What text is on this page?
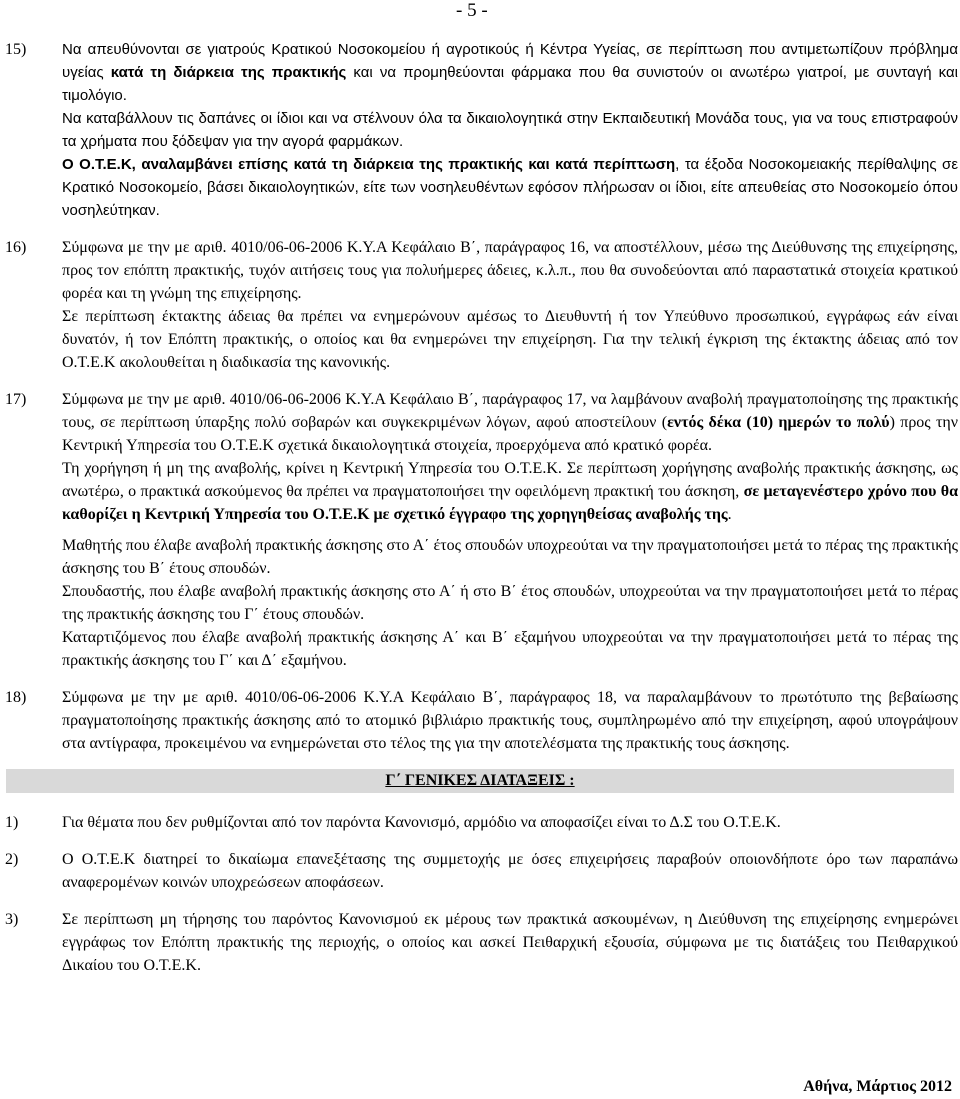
- 5 -
15)	Να απευθύνονται σε γιατρούς Κρατικού Νοσοκομείου ή αγροτικούς ή Κέντρα Υγείας, σε περίπτωση που αντιμετωπίζουν πρόβλημα υγείας κατά τη διάρκεια της πρακτικής και να προμηθεύονται φάρμακα που θα συνιστούν οι ανωτέρω γιατροί, με συνταγή και τιμολόγιο.

Να καταβάλλουν τις δαπάνες οι ίδιοι και να στέλνουν όλα τα δικαιολογητικά στην Εκπαιδευτική Μονάδα τους, για να τους επιστραφούν τα χρήματα που ξόδεψαν για την αγορά φαρμάκων.

Ο Ο.Τ.Ε.Κ, αναλαμβάνει επίσης κατά τη διάρκεια της πρακτικής και κατά περίπτωση, τα έξοδα Νοσοκομειακής περίθαλψης σε Κρατικό Νοσοκομείο, βάσει δικαιολογητικών, είτε των νοσηλευθέντων εφόσον πλήρωσαν οι ίδιοι, είτε απευθείας στο Νοσοκομείο όπου νοσηλεύτηκαν.

16)	Σύμφωνα με την με αριθ. 4010/06-06-2006 Κ.Υ.Α Κεφάλαιο Β΄, παράγραφος 16, να αποστέλλουν, μέσω της Διεύθυνσης της επιχείρησης, προς τον επόπτη πρακτικής, τυχόν αιτήσεις τους για πολυήμερες άδειες, κ.λ.π., που θα συνοδεύονται από παραστατικά στοιχεία κρατικού φορέα και τη γνώμη της επιχείρησης.

Σε περίπτωση έκτακτης άδειας θα πρέπει να ενημερώνουν αμέσως το Διευθυντή ή τον Υπεύθυνο προσωπικού, εγγράφως εάν είναι δυνατόν, ή τον Επόπτη πρακτικής, ο οποίος και θα ενημερώνει την επιχείρηση. Για την τελική έγκριση της έκτακτης άδειας από τον Ο.Τ.Ε.Κ ακολουθείται η διαδικασία της κανονικής.

17)	Σύμφωνα με την με αριθ. 4010/06-06-2006 Κ.Υ.Α Κεφάλαιο Β΄, παράγραφος 17, να λαμβάνουν αναβολή πραγματοποίησης της πρακτικής τους, σε περίπτωση ύπαρξης πολύ σοβαρών και συγκεκριμένων λόγων, αφού αποστείλουν (εντός δέκα (10) ημερών το πολύ) προς την Κεντρική Υπηρεσία του Ο.Τ.Ε.Κ σχετικά δικαιολογητικά στοιχεία, προερχόμενα από κρατικό φορέα.

Τη χορήγηση ή μη της αναβολής, κρίνει η Κεντρική Υπηρεσία του Ο.Τ.Ε.Κ. Σε περίπτωση χορήγησης αναβολής πρακτικής άσκησης, ως ανωτέρω, ο πρακτικά ασκούμενος θα πρέπει να πραγματοποιήσει την οφειλόμενη πρακτική του άσκηση, σε μεταγενέστερο χρόνο που θα καθορίζει η Κεντρική Υπηρεσία του Ο.Τ.Ε.Κ με σχετικό έγγραφο της χορηγηθείσας αναβολής της.

Μαθητής που έλαβε αναβολή πρακτικής άσκησης στο Α΄ έτος σπουδών υποχρεούται να την πραγματοποιήσει μετά το πέρας της πρακτικής άσκησης του Β΄ έτους σπουδών.

Σπουδαστής, που έλαβε αναβολή πρακτικής άσκησης στο Α΄ ή στο Β΄ έτος σπουδών, υποχρεούται να την πραγματοποιήσει μετά το πέρας της πρακτικής άσκησης του Γ΄ έτους σπουδών.

Καταρτιζόμενος που έλαβε αναβολή πρακτικής άσκησης Α΄ και Β΄ εξαμήνου υποχρεούται να την πραγματοποιήσει μετά το πέρας της πρακτικής άσκησης του Γ΄ και Δ΄ εξαμήνου.

18)	Σύμφωνα με την με αριθ. 4010/06-06-2006 Κ.Υ.Α Κεφάλαιο Β΄, παράγραφος 18, να παραλαμβάνουν το πρωτότυπο της βεβαίωσης πραγματοποίησης πρακτικής άσκησης από το ατομικό βιβλιάριο πρακτικής τους, συμπληρωμένο από την επιχείρηση, αφού υπογράψουν στα αντίγραφα, προκειμένου να ενημερώνεται στο τέλος της για την αποτελέσματα της πρακτικής τους άσκησης.

Γ΄ ΓΕΝΙΚΕΣ ΔΙΑΤΑΞΕΙΣ :
1)	Για θέματα που δεν ρυθμίζονται από τον παρόντα Κανονισμό, αρμόδιο να αποφασίζει είναι το Δ.Σ του Ο.Τ.Ε.Κ.

2)	Ο Ο.Τ.Ε.Κ διατηρεί το δικαίωμα επανεξέτασης της συμμετοχής με όσες επιχειρήσεις παραβούν οποιονδήποτε όρο των παραπάνω αναφερομένων κοινών υποχρεώσεων αποφάσεων.

3)	Σε περίπτωση μη τήρησης του παρόντος Κανονισμού εκ μέρους των πρακτικά ασκουμένων, η Διεύθυνση της επιχείρησης ενημερώνει εγγράφως τον Επόπτη πρακτικής της περιοχής, ο οποίος και ασκεί Πειθαρχική εξουσία, σύμφωνα με τις διατάξεις του Πειθαρχικού Δικαίου του Ο.Τ.Ε.Κ.

Αθήνα, Μάρτιος 2012
